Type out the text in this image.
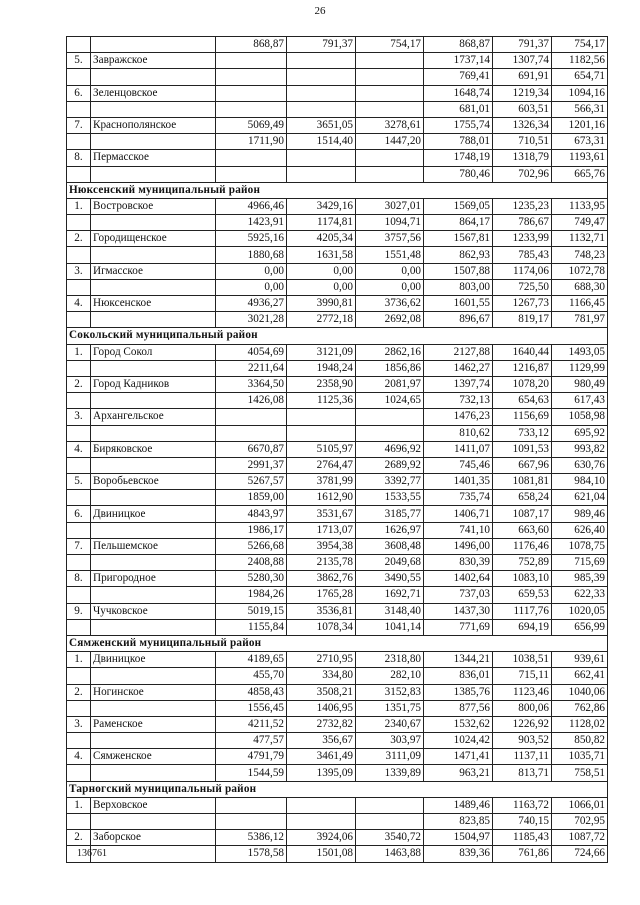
26
		868,87	791,37	754,17	868,87	791,37	754,17
5.	Завражское				1737,14	1307,74	1182,56
					769,41	691,91	654,71
6.	Зеленцовское				1648,74	1219,34	1094,16
					681,01	603,51	566,31
7.	Краснополянское	5069,49	3651,05	3278,61	1755,74	1326,34	1201,16
		1711,90	1514,40	1447,20	788,01	710,51	673,31
8.	Пермасское				1748,19	1318,79	1193,61
					780,46	702,96	665,76
Нюксенский муниципальный район							
1.	Востровское	4966,46	3429,16	3027,01	1569,05	1235,23	1133,95
		1423,91	1174,81	1094,71	864,17	786,67	749,47
2.	Городищенское	5925,16	4205,34	3757,56	1567,81	1233,99	1132,71
		1880,68	1631,58	1551,48	862,93	785,43	748,23
3.	Игмасское	0,00	0,00	0,00	1507,88	1174,06	1072,78
		0,00	0,00	0,00	803,00	725,50	688,30
4.	Нюксенское	4936,27	3990,81	3736,62	1601,55	1267,73	1166,45
		3021,28	2772,18	2692,08	896,67	819,17	781,97
Сокольский муниципальный район							
1.	Город Сокол	4054,69	3121,09	2862,16	2127,88	1640,44	1493,05
		2211,64	1948,24	1856,86	1462,27	1216,87	1129,99
2.	Город Кадников	3364,50	2358,90	2081,97	1397,74	1078,20	980,49
		1426,08	1125,36	1024,65	732,13	654,63	617,43
3.	Архангельское				1476,23	1156,69	1058,98
					810,62	733,12	695,92
4.	Биряковское	6670,87	5105,97	4696,92	1411,07	1091,53	993,82
		2991,37	2764,47	2689,92	745,46	667,96	630,76
5.	Воробьевское	5267,57	3781,99	3392,77	1401,35	1081,81	984,10
		1859,00	1612,90	1533,55	735,74	658,24	621,04
6.	Двиницкое	4843,97	3531,67	3185,77	1406,71	1087,17	989,46
		1986,17	1713,07	1626,97	741,10	663,60	626,40
7.	Пельшемское	5266,68	3954,38	3608,48	1496,00	1176,46	1078,75
		2408,88	2135,78	2049,68	830,39	752,89	715,69
8.	Пригородное	5280,30	3862,76	3490,55	1402,64	1083,10	985,39
		1984,26	1765,28	1692,71	737,03	659,53	622,33
9.	Чучковское	5019,15	3536,81	3148,40	1437,30	1117,76	1020,05
		1155,84	1078,34	1041,14	771,69	694,19	656,99
Сямженский муниципальный район							
1.	Двиницкое	4189,65	2710,95	2318,80	1344,21	1038,51	939,61
		455,70	334,80	282,10	836,01	715,11	662,41
2.	Ногинское	4858,43	3508,21	3152,83	1385,76	1123,46	1040,06
		1556,45	1406,95	1351,75	877,56	800,06	762,86
3.	Раменское	4211,52	2732,82	2340,67	1532,62	1226,92	1128,02
		477,57	356,67	303,97	1024,42	903,52	850,82
4.	Сямженское	4791,79	3461,49	3111,09	1471,41	1137,11	1035,71
		1544,59	1395,09	1339,89	963,21	813,71	758,51
Тарногский муниципальный район							
1.	Верховское				1489,46	1163,72	1066,01
					823,85	740,15	702,95
2.	Заборское	5386,12	3924,06	3540,72	1504,97	1185,43	1087,72
		1578,58	1501,08	1463,88	839,36	761,86	724,66
136761
